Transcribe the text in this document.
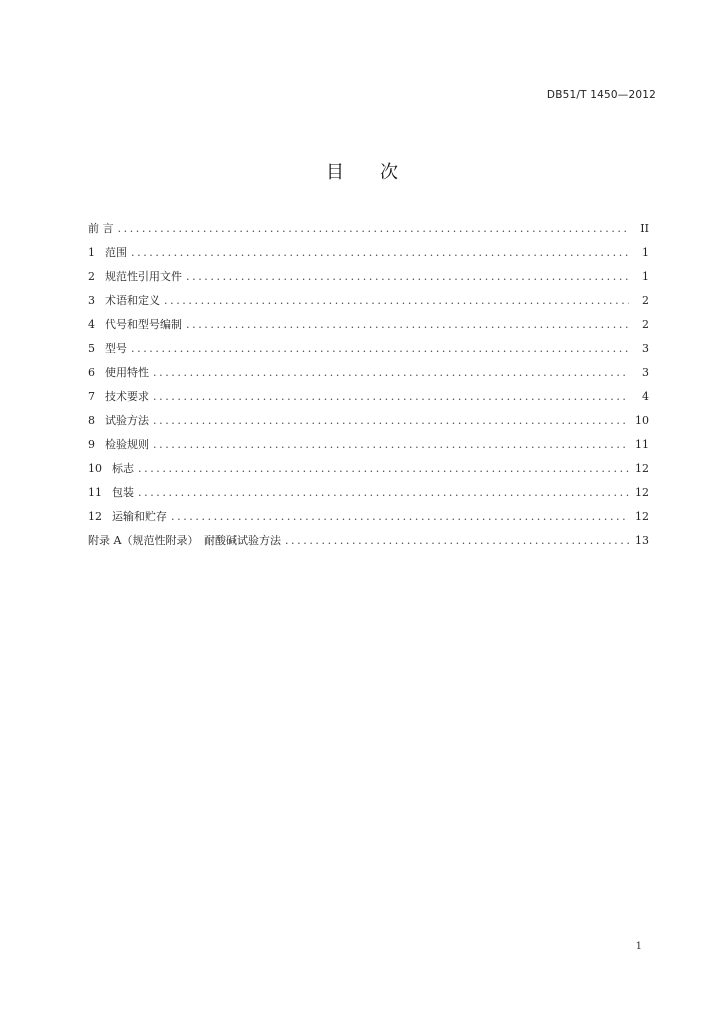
DB51/T 1450—2012
目 次
前 言 .....	II
1 范围 .....	1
2 规范性引用文件 .....	1
3 术语和定义 .....	2
4 代号和型号编制 .....	2
5 型号 .....	3
6 使用特性 .....	3
7 技术要求 .....	4
8 试验方法 .....	10
9 检验规则 .....	11
10 标志 .....	12
11 包装 .....	12
12 运输和贮存 .....	12
附录 A（规范性附录）　耐酸碱试验方法 .....	13
1
